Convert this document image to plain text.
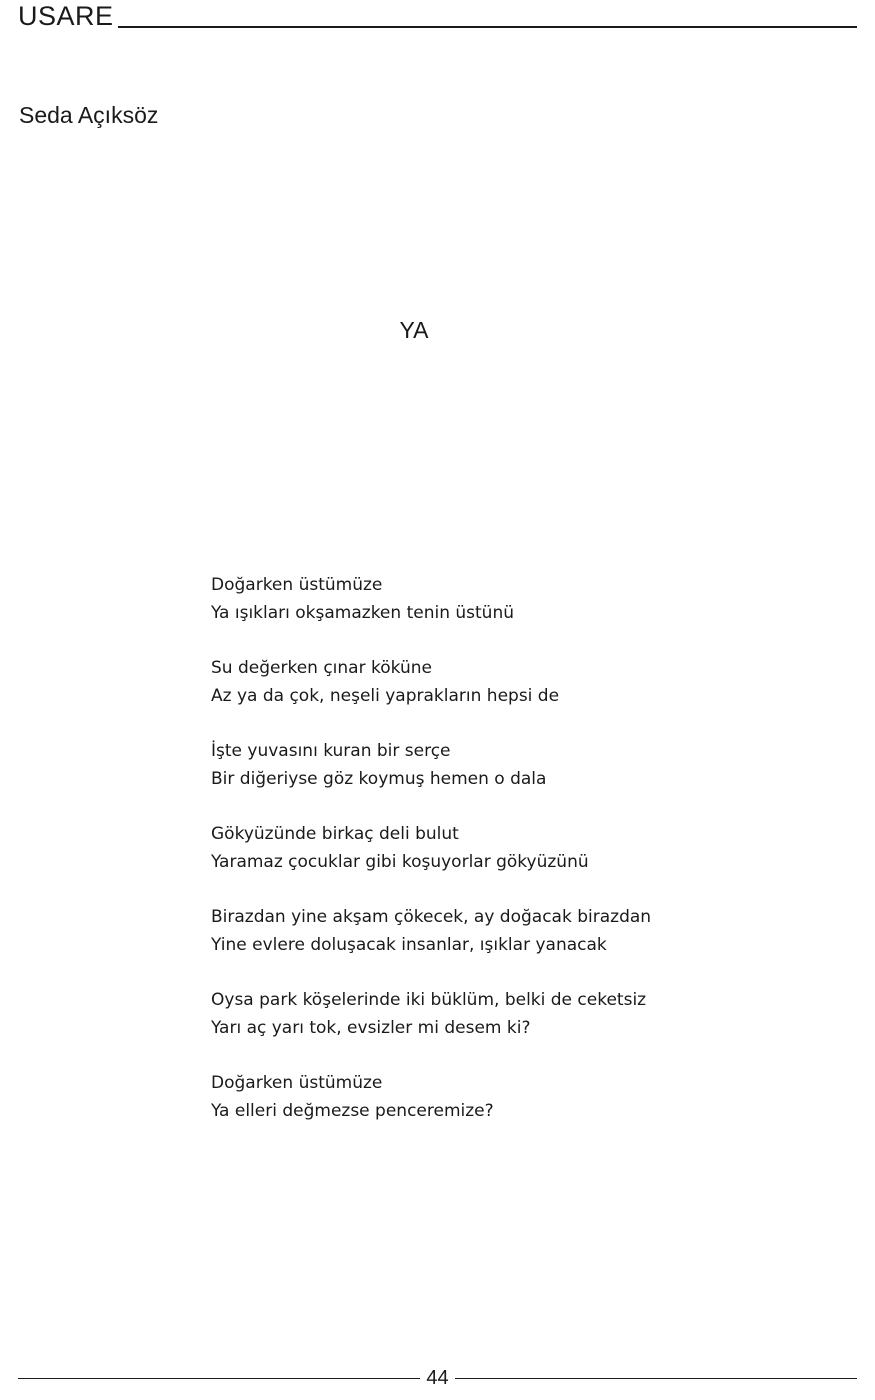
USARE
Seda Açıksöz
YA
Doğarken üstümüze
Ya ışıkları okşamazken tenin üstünü
Su değerken çınar köküne
Az ya da çok, neşeli yaprakların hepsi de
İşte yuvasını kuran bir serçe
Bir diğeriyse göz koymuş hemen o dala
Gökyüzünde birkaç deli bulut
Yaramaz çocuklar gibi koşuyorlar gökyüzünü
Birazdan yine akşam çökecek, ay doğacak birazdan
Yine evlere doluşacak insanlar, ışıklar yanacak
Oysa park köşelerinde iki büklüm, belki de ceketsiz
Yarı aç yarı tok, evsizler mi desem ki?
Doğarken üstümüze
Ya elleri değmezse penceremize?
44
